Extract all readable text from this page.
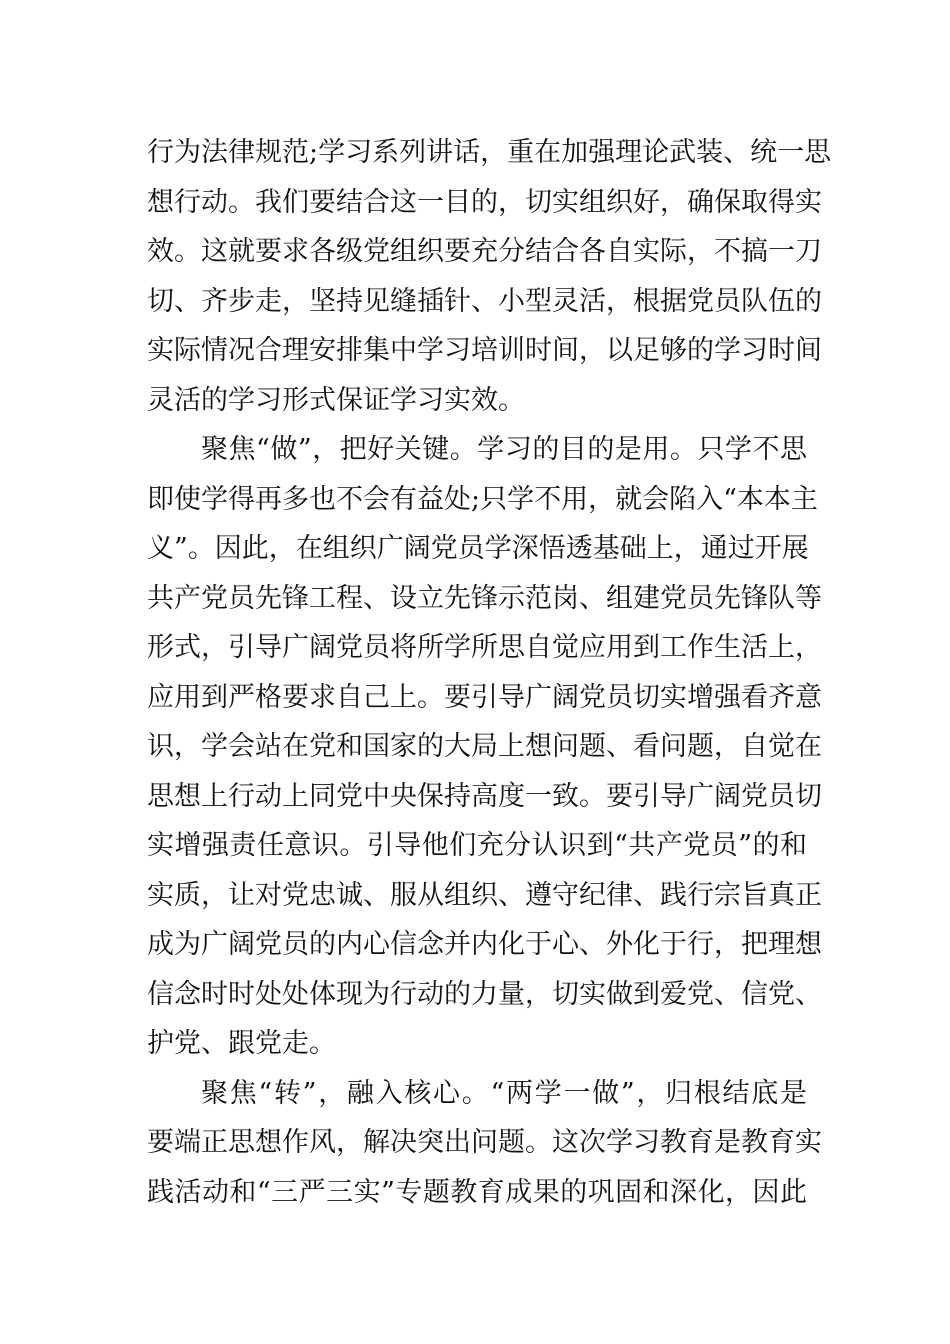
行为法律规范;学习系列讲话，重在加强理论武装、统一思
想行动。我们要结合这一目的，切实组织好，确保取得实
效。这就要求各级党组织要充分结合各自实际，不搞一刀
切、齐步走，坚持见缝插针、小型灵活，根据党员队伍的
实际情况合理安排集中学习培训时间，以足够的学习时间
灵活的学习形式保证学习实效。
聚焦“做”，把好关键。学习的目的是用。只学不思
即使学得再多也不会有益处;只学不用，就会陷入“本本主
义”。因此，在组织广阔党员学深悟透基础上，通过开展
共产党员先锋工程、设立先锋示范岗、组建党员先锋队等
形式，引导广阔党员将所学所思自觉应用到工作生活上，
应用到严格要求自己上。要引导广阔党员切实增强看齐意
识，学会站在党和国家的大局上想问题、看问题，自觉在
思想上行动上同党中央保持高度一致。要引导广阔党员切
实增强责任意识。引导他们充分认识到“共产党员”的和
实质，让对党忠诚、服从组织、遵守纪律、践行宗旨真正
成为广阔党员的内心信念并内化于心、外化于行，把理想
信念时时处处体现为行动的力量，切实做到爱党、信党、
护党、跟党走。
聚焦“转”，融入核心。“两学一做”，归根结底是
要端正思想作风，解决突出问题。这次学习教育是教育实
践活动和“三严三实”专题教育成果的巩固和深化，因此
